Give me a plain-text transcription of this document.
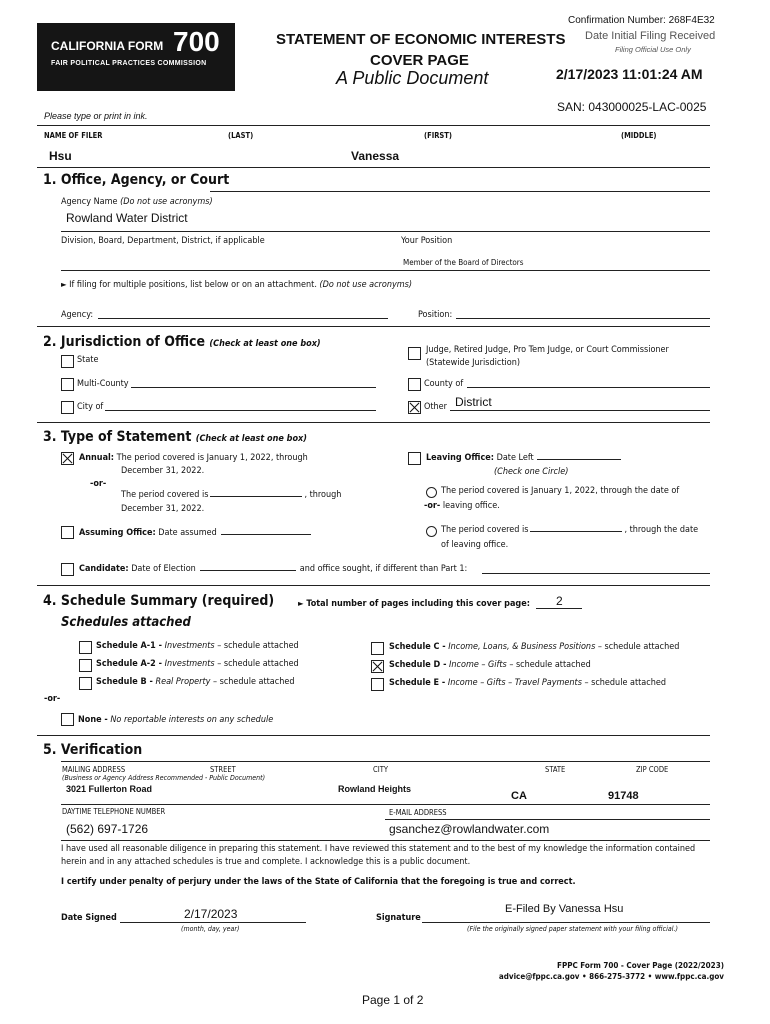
CALIFORNIA FORM 700
FAIR POLITICAL PRACTICES COMMISSION
STATEMENT OF ECONOMIC INTERESTS
COVER PAGE
A Public Document
Confirmation Number: 268F4E32
Date Initial Filing Received
Filing Official Use Only
2/17/2023 11:01:24 AM
SAN: 043000025-LAC-0025
Please type or print in ink.
NAME OF FILER	(LAST)	(FIRST)	(MIDDLE)
Hsu	Vanessa
1. Office, Agency, or Court
Agency Name (Do not use acronyms)
Rowland Water District
Division, Board, Department, District, if applicable	Your Position
Member of the Board of Directors
► If filing for multiple positions, list below or on an attachment. (Do not use acronyms)
Agency:	Position:
2. Jurisdiction of Office (Check at least one box)
State
Judge, Retired Judge, Pro Tem Judge, or Court Commissioner
(Statewide Jurisdiction)
Multi-County	County of
City of	Other District
3. Type of Statement (Check at least one box)
Annual: The period covered is January 1, 2022, through
December 31, 2022.
-or-
The period covered is	, through
December 31, 2022.
Leaving Office: Date Left
(Check one Circle)
The period covered is January 1, 2022, through the date of
-or- leaving office.
The period covered is	, through the date
of leaving office.
Assuming Office: Date assumed
Candidate: Date of Election	and office sought, if different than Part 1:
4. Schedule Summary (required)	► Total number of pages including this cover page: 2
Schedules attached
Schedule A-1 - Investments – schedule attached
Schedule A-2 - Investments – schedule attached
Schedule B - Real Property – schedule attached
Schedule C - Income, Loans, & Business Positions – schedule attached
Schedule D - Income – Gifts – schedule attached
Schedule E - Income – Gifts – Travel Payments – schedule attached
-or-
None - No reportable interests on any schedule
5. Verification
MAILING ADDRESS	STREET	CITY	STATE	ZIP CODE
(Business or Agency Address Recommended - Public Document)
3021 Fullerton Road	Rowland Heights
CA	91748
DAYTIME TELEPHONE NUMBER	E-MAIL ADDRESS
(562) 697-1726	gsanchez@rowlandwater.com
I have used all reasonable diligence in preparing this statement. I have reviewed this statement and to the best of my knowledge the information contained
herein and in any attached schedules is true and complete. I acknowledge this is a public document.
I certify under penalty of perjury under the laws of the State of California that the foregoing is true and correct.
Date Signed	2/17/2023
(month, day, year)
Signature
E-Filed By Vanessa Hsu
(File the originally signed paper statement with your filing official.)
FPPC Form 700 - Cover Page (2022/2023)
advice@fppc.ca.gov • 866-275-3772 • www.fppc.ca.gov
Page 1 of 2
